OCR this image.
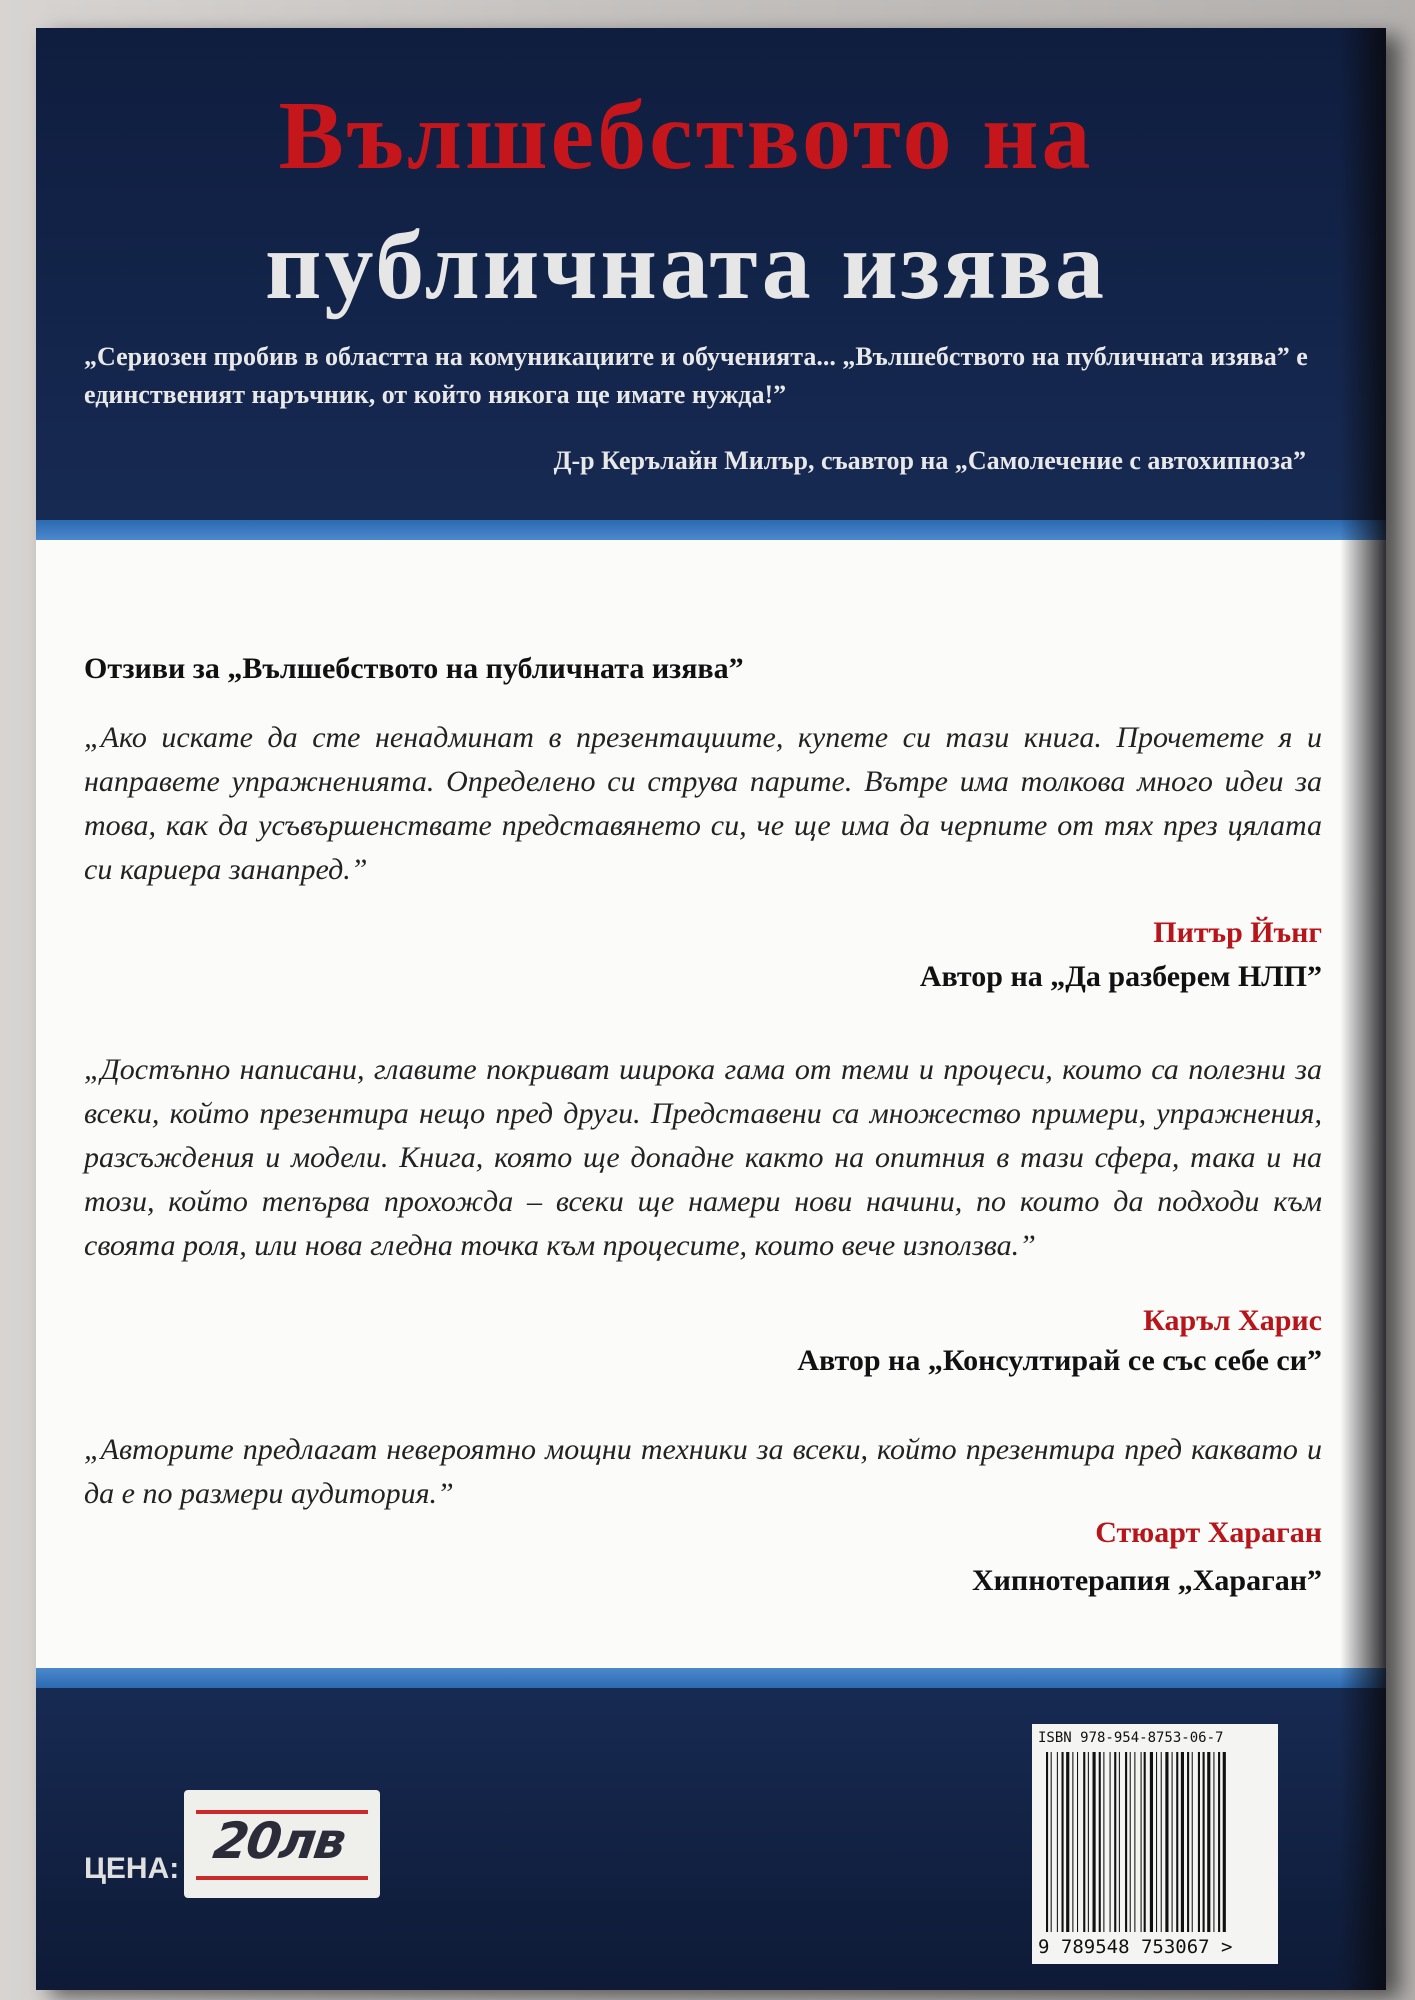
Вълшебството на
публичната изява
„Сериозен пробив в областта на комуникациите и обученията... „Вълшебството на публичната изява” е единственият наръчник, от който някога ще имате нужда!”
Д-р Керълайн Милър, съавтор на „Самолечение с автохипноза”
Отзиви за „Вълшебството на публичната изява”
„Ако искате да сте ненадминат в презентациите, купете си тази книга. Прочетете я и направете упражненията. Определено си струва парите. Вътре има толкова много идеи за това, как да усъвършенствате представянето си, че ще има да черпите от тях през цялата си кариера занапред.”
Питър Йънг
Автор на „Да разберем НЛП”
„Достъпно написани, главите покриват широка гама от теми и процеси, които са полезни за всеки, който презентира нещо пред други. Представени са множество примери, упражнения, разсъждения и модели. Книга, която ще допадне както на опитния в тази сфера, така и на този, който тепърва прохожда – всеки ще намери нови начини, по които да подходи към своята роля, или нова гледна точка към процесите, които вече използва.”
Каръл Харис
Автор на „Консултирай се със себе си”
„Авторите предлагат невероятно мощни техники за всеки, който презентира пред каквато и да е по размери аудитория.”
Стюарт Хараган
Хипнотерапия „Хараган”
ЦЕНА: 20лв
ISBN 978-954-8753-06-7
9 789548 753067 >
